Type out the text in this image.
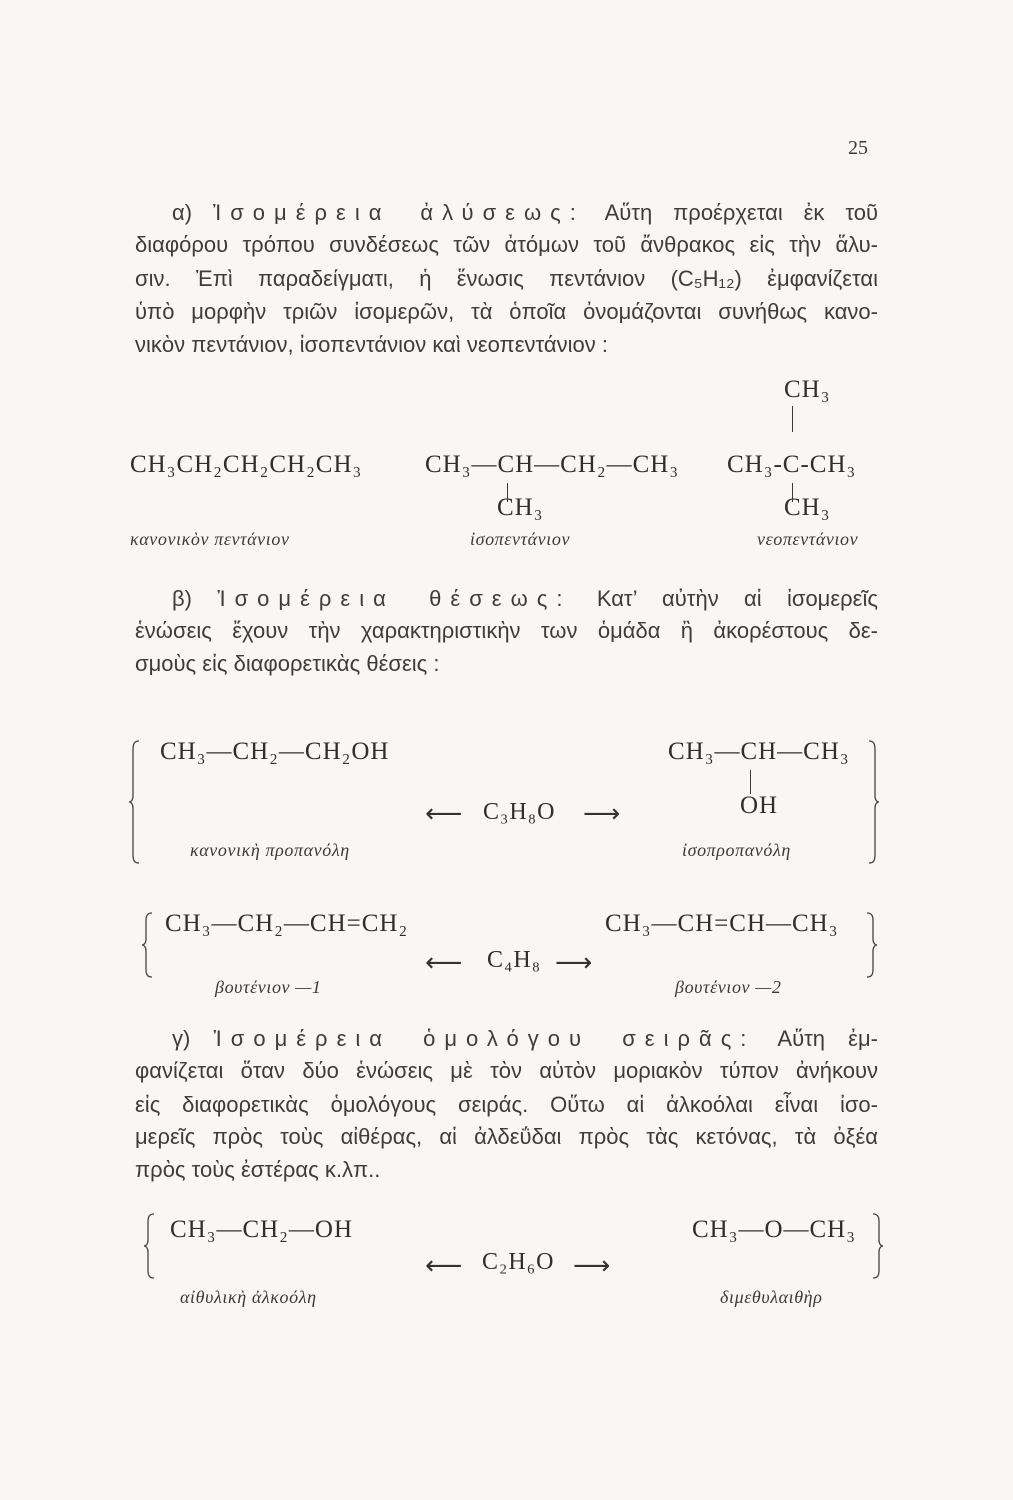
25
α) Ἰσομέρεια ἀλύσεως: Αὕτη προέρχεται ἐκ τοῦ
διαφόρου τρόπου συνδέσεως τῶν ἀτόμων τοῦ ἄνθρακος εἰς τὴν ἅλυ-
σιν. Ἐπὶ παραδείγματι, ἡ ἕνωσις πεντάνιον (C₅H₁₂) ἐμφανίζεται
ὑπὸ μορφὴν τριῶν ἰσομερῶν, τὰ ὁποῖα ὀνομάζονται συνήθως κανο-
νικὸν πεντάνιον, ἰσοπεντάνιον καὶ νεοπεντάνιον :
CH₃CH₂CH₂CH₂CH₃
κανονικὸν πεντάνιον
CH₃—CH—CH₂—CH₃
CH₃
ἰσοπεντάνιον
CH₃
CH₃-C-CH₃
CH₃
νεοπεντάνιον
β) Ἰσομέρεια θέσεως: Κατ’ αὐτὴν αἱ ἰσομερεῖς
ἑνώσεις ἔχουν τὴν χαρακτηριστικὴν των ὁμάδα ἢ ἀκορέστους δε-
σμοὺς εἰς διαφορετικὰς θέσεις :
CH₃—CH₂—CH₂OH
κανονικὴ προπανόλη
⟵ C₃H₈O ⟶
CH₃—CH—CH₃
OH
ἰσοπροπανόλη
CH₃—CH₂—CH=CH₂
βουτένιον —1
⟵ C₄H₈ ⟶
CH₃—CH=CH—CH₃
βουτένιον —2
γ) Ἰσομέρεια ὁμολόγου σειρᾶς: Αὕτη ἐμ-
φανίζεται ὅταν δύο ἑνώσεις μὲ τὸν αὐτὸν μοριακὸν τύπον ἀνήκουν
εἰς διαφορετικὰς ὁμολόγους σειράς. Οὕτω αἱ ἀλκοόλαι εἶναι ἰσο-
μερεῖς πρὸς τοὺς αἰθέρας, αἱ ἀλδεΰδαι πρὸς τὰς κετόνας, τὰ ὀξέα
πρὸς τοὺς ἐστέρας κ.λπ..
CH₃—CH₂—OH
αἰθυλικὴ ἀλκοόλη
⟵ C₂H₆O ⟶
CH₃—O—CH₃
διμεθυλαιθὴρ
